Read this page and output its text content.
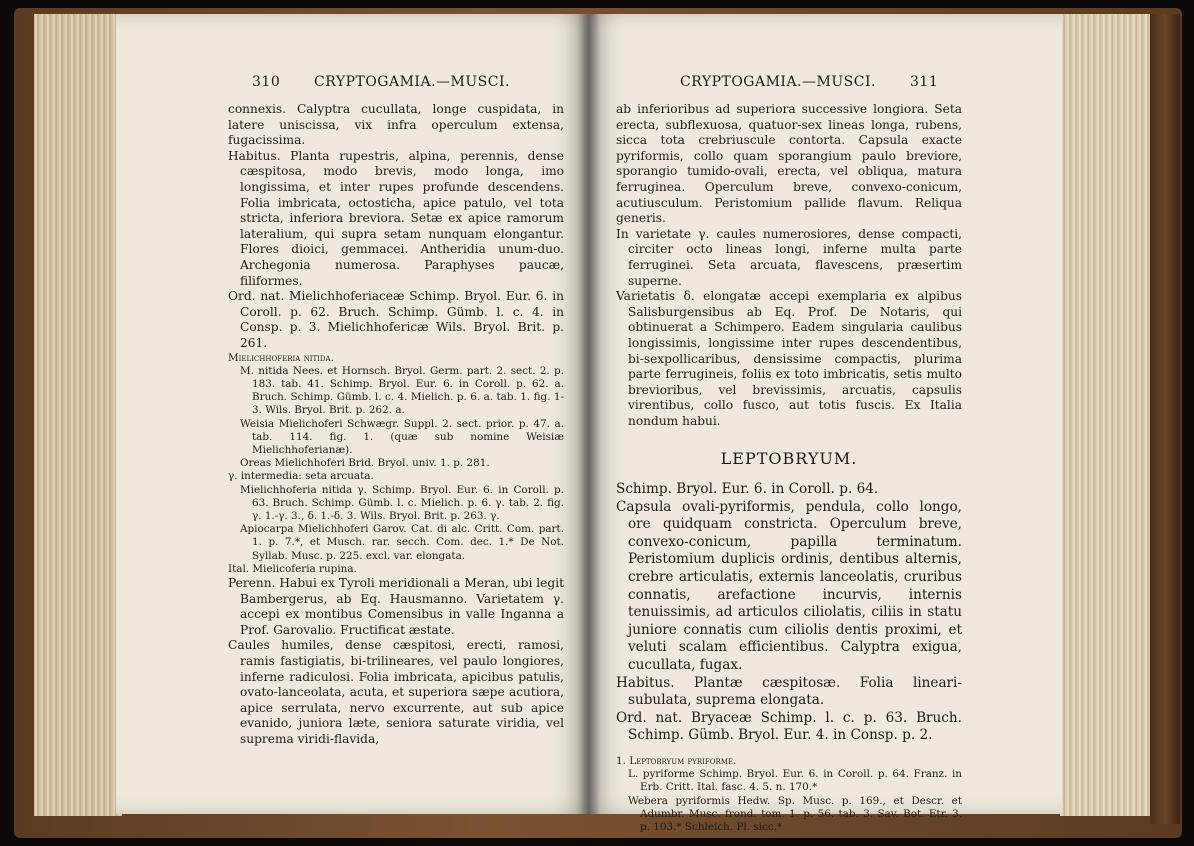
310 CRYPTOGAMIA.—MUSCI.

connexis. Calyptra cucullata, longe cuspidata, in latere uniscissa, vix infra operculum extensa, fugacissima.

Habitus. Planta rupestris, alpina, perennis, dense cæspitosa, modo brevis, modo longa, imo longissima, et inter rupes profunde descendens. Folia imbricata, octosticha, apice patulo, vel tota stricta, inferiora breviora. Setæ ex apice ramorum lateralium, qui supra setam nunquam elongantur. Flores dioici, gemmacei. Antheridia unum-duo. Archegonia numerosa. Paraphyses paucæ, filiformes.

Ord. nat. Mielichhoferiaceæ Schimp. Bryol. Eur. 6. in Coroll. p. 62. Bruch. Schimp. Gümb. l. c. 4. in Consp. p. 3. Mielichhofericæ Wils. Bryol. Brit. p. 261.

Mielichhoferia nitida.

M. nitida Nees. et Hornsch. Bryol. Germ. part. 2. sect. 2. p. 183. tab. 41. Schimp. Bryol. Eur. 6. in Coroll. p. 62. a. Bruch. Schimp. Gümb. l. c. 4. Mielich. p. 6. a. tab. 1. fig. 1-3. Wils. Bryol. Brit. p. 262. a.

Weisia Mielichoferi Schwægr. Suppl. 2. sect. prior. p. 47. a. tab. 114. fig. 1. (quæ sub nomine Weisiæ Mielichhoferianæ).

Oreas Mielichhoferi Brid. Bryol. univ. 1. p. 281.

γ. intermedia: seta arcuata.

Mielichhoferia nitida γ. Schimp. Bryol. Eur. 6. in Coroll. p. 63. Bruch. Schimp. Gümb. l. c. Mielich. p. 6. γ. tab. 2. fig. γ. 1.-γ. 3., δ. 1.-δ. 3. Wils. Bryol. Brit. p. 263. γ.

Apiocarpa Mielichhoferi Garov. Cat. di alc. Critt. Com. part. 1. p. 7.*, et Musch. rar. secch. Com. dec. 1.* De Not. Syllab. Musc. p. 225. excl. var. elongata.

Ital. Mielicoferia rupina.

Perenn. Habui ex Tyroli meridionali a Meran, ubi legit Bambergerus, ab Eq. Hausmanno. Varietatem γ. accepi ex montibus Comensibus in valle Inganna a Prof. Garovalio. Fructificat æstate.

Caules humiles, dense cæspitosi, erecti, ramosi, ramis fastigiatis, bi-trilineares, vel paulo longiores, inferne radiculosi. Folia imbricata, apicibus patulis, ovato-lanceolata, acuta, et superiora sæpe acutiora, apice serrulata, nervo excurrente, aut sub apice evanido, juniora læte, seniora saturate viridia, vel suprema viridi-flavida,

CRYPTOGAMIA.—MUSCI. 311

ab inferioribus ad superiora successive longiora. Seta erecta, subflexuosa, quatuor-sex lineas longa, rubens, sicca tota crebriuscule contorta. Capsula exacte pyriformis, collo quam sporangium paulo breviore, sporangio tumido-ovali, erecta, vel obliqua, matura ferruginea. Operculum breve, convexo-conicum, acutiusculum. Peristomium pallide flavum. Reliqua generis.

In varietate γ. caules numerosiores, dense compacti, circiter octo lineas longi, inferne multa parte ferruginei. Seta arcuata, flavescens, præsertim superne.

Varietatis δ. elongatæ accepi exemplaria ex alpibus Salisburgensibus ab Eq. Prof. De Notaris, qui obtinuerat a Schimpero. Eadem singularia caulibus longissimis, longissime inter rupes descendentibus, bi-sexpollicaribus, densissime compactis, plurima parte ferrugineis, foliis ex toto imbricatis, setis multo brevioribus, vel brevissimis, arcuatis, capsulis virentibus, collo fusco, aut totis fuscis. Ex Italia nondum habui.

LEPTOBRYUM.

Schimp. Bryol. Eur. 6. in Coroll. p. 64.

Capsula ovali-pyriformis, pendula, collo longo, ore quidquam constricta. Operculum breve, convexo-conicum, papilla terminatum. Peristomium duplicis ordinis, dentibus alternis, crebre articulatis, externis lanceolatis, cruribus connatis, arefactione incurvis, internis tenuissimis, ad articulos ciliolatis, ciliis in statu juniore connatis cum ciliolis dentis proximi, et veluti scalam efficientibus. Calyptra exigua, cucullata, fugax.

Habitus. Plantæ cæspitosæ. Folia lineari-subulata, suprema elongata.

Ord. nat. Bryaceæ Schimp. l. c. p. 63. Bruch. Schimp. Gümb. Bryol. Eur. 4. in Consp. p. 2.

1. Leptobryum pyriforme.

L. pyriforme Schimp. Bryol. Eur. 6. in Coroll. p. 64. Franz. in Erb. Critt. Ital. fasc. 4. 5. n. 170.*

Webera pyriformis Hedw. Sp. Musc. p. 169., et Descr. et Adumbr. Musc. frond. tom. 1. p. 56. tab. 3. Sav. Bot. Etr. 3. p. 103.* Schleich. Pl. sicc.*
